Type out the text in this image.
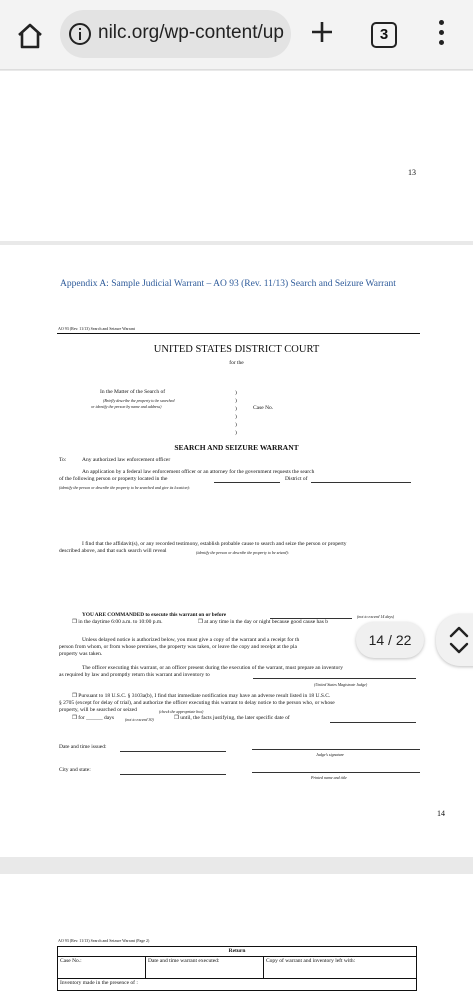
nilc.org/wp-content/up	3
13
Appendix A: Sample Judicial Warrant – AO 93 (Rev. 11/13) Search and Seizure Warrant
AO 93 (Rev. 11/13) Search and Seizure Warrant
UNITED STATES DISTRICT COURT
for the
In the Matter of the Search of
(Briefly describe the property to be searched
or identify the person by name and address)
)
)
)
)
)
)
Case No.
SEARCH AND SEIZURE WARRANT
To:	Any authorized law enforcement officer
An application by a federal law enforcement officer or an attorney for the government requests the search
of the following person or property located in the	District of
(identify the person or describe the property to be searched and give its location):
I find that the affidavit(s), or any recorded testimony, establish probable cause to search and seize the person or property
described above, and that such search will reveal	(identify the person or describe the property to be seized):
YOU ARE COMMANDED to execute this warrant on or before	(not to exceed 14 days)
❒ in the daytime 6:00 a.m. to 10:00 p.m.	❒ at any time in the day or night because good cause has b
Unless delayed notice is authorized below, you must give a copy of the warrant and a receipt for th
person from whom, or from whose premises, the property was taken, or leave the copy and receipt at the pla
property was taken.
The officer executing this warrant, or an officer present during the execution of the warrant, must prepare an inventory
as required by law and promptly return this warrant and inventory to
(United States Magistrate Judge)
❒ Pursuant to 18 U.S.C. § 3103a(b), I find that immediate notification may have an adverse result listed in 18 U.S.C.
§ 2705 (except for delay of trial), and authorize the officer executing this warrant to delay notice to the person who, or whose
property, will be searched or seized	(check the appropriate box)
❒ for ______ days	(not to exceed 30)	❒ until, the facts justifying, the later specific date of
Date and time issued:
Judge’s signature
City and state:
Printed name and title
14
AO 93 (Rev. 11/13) Search and Seizure Warrant (Page 2)
Return
Case No.:	Date and time warrant executed:	Copy of warrant and inventory left with:
Inventory made in the presence of :
14 / 22
